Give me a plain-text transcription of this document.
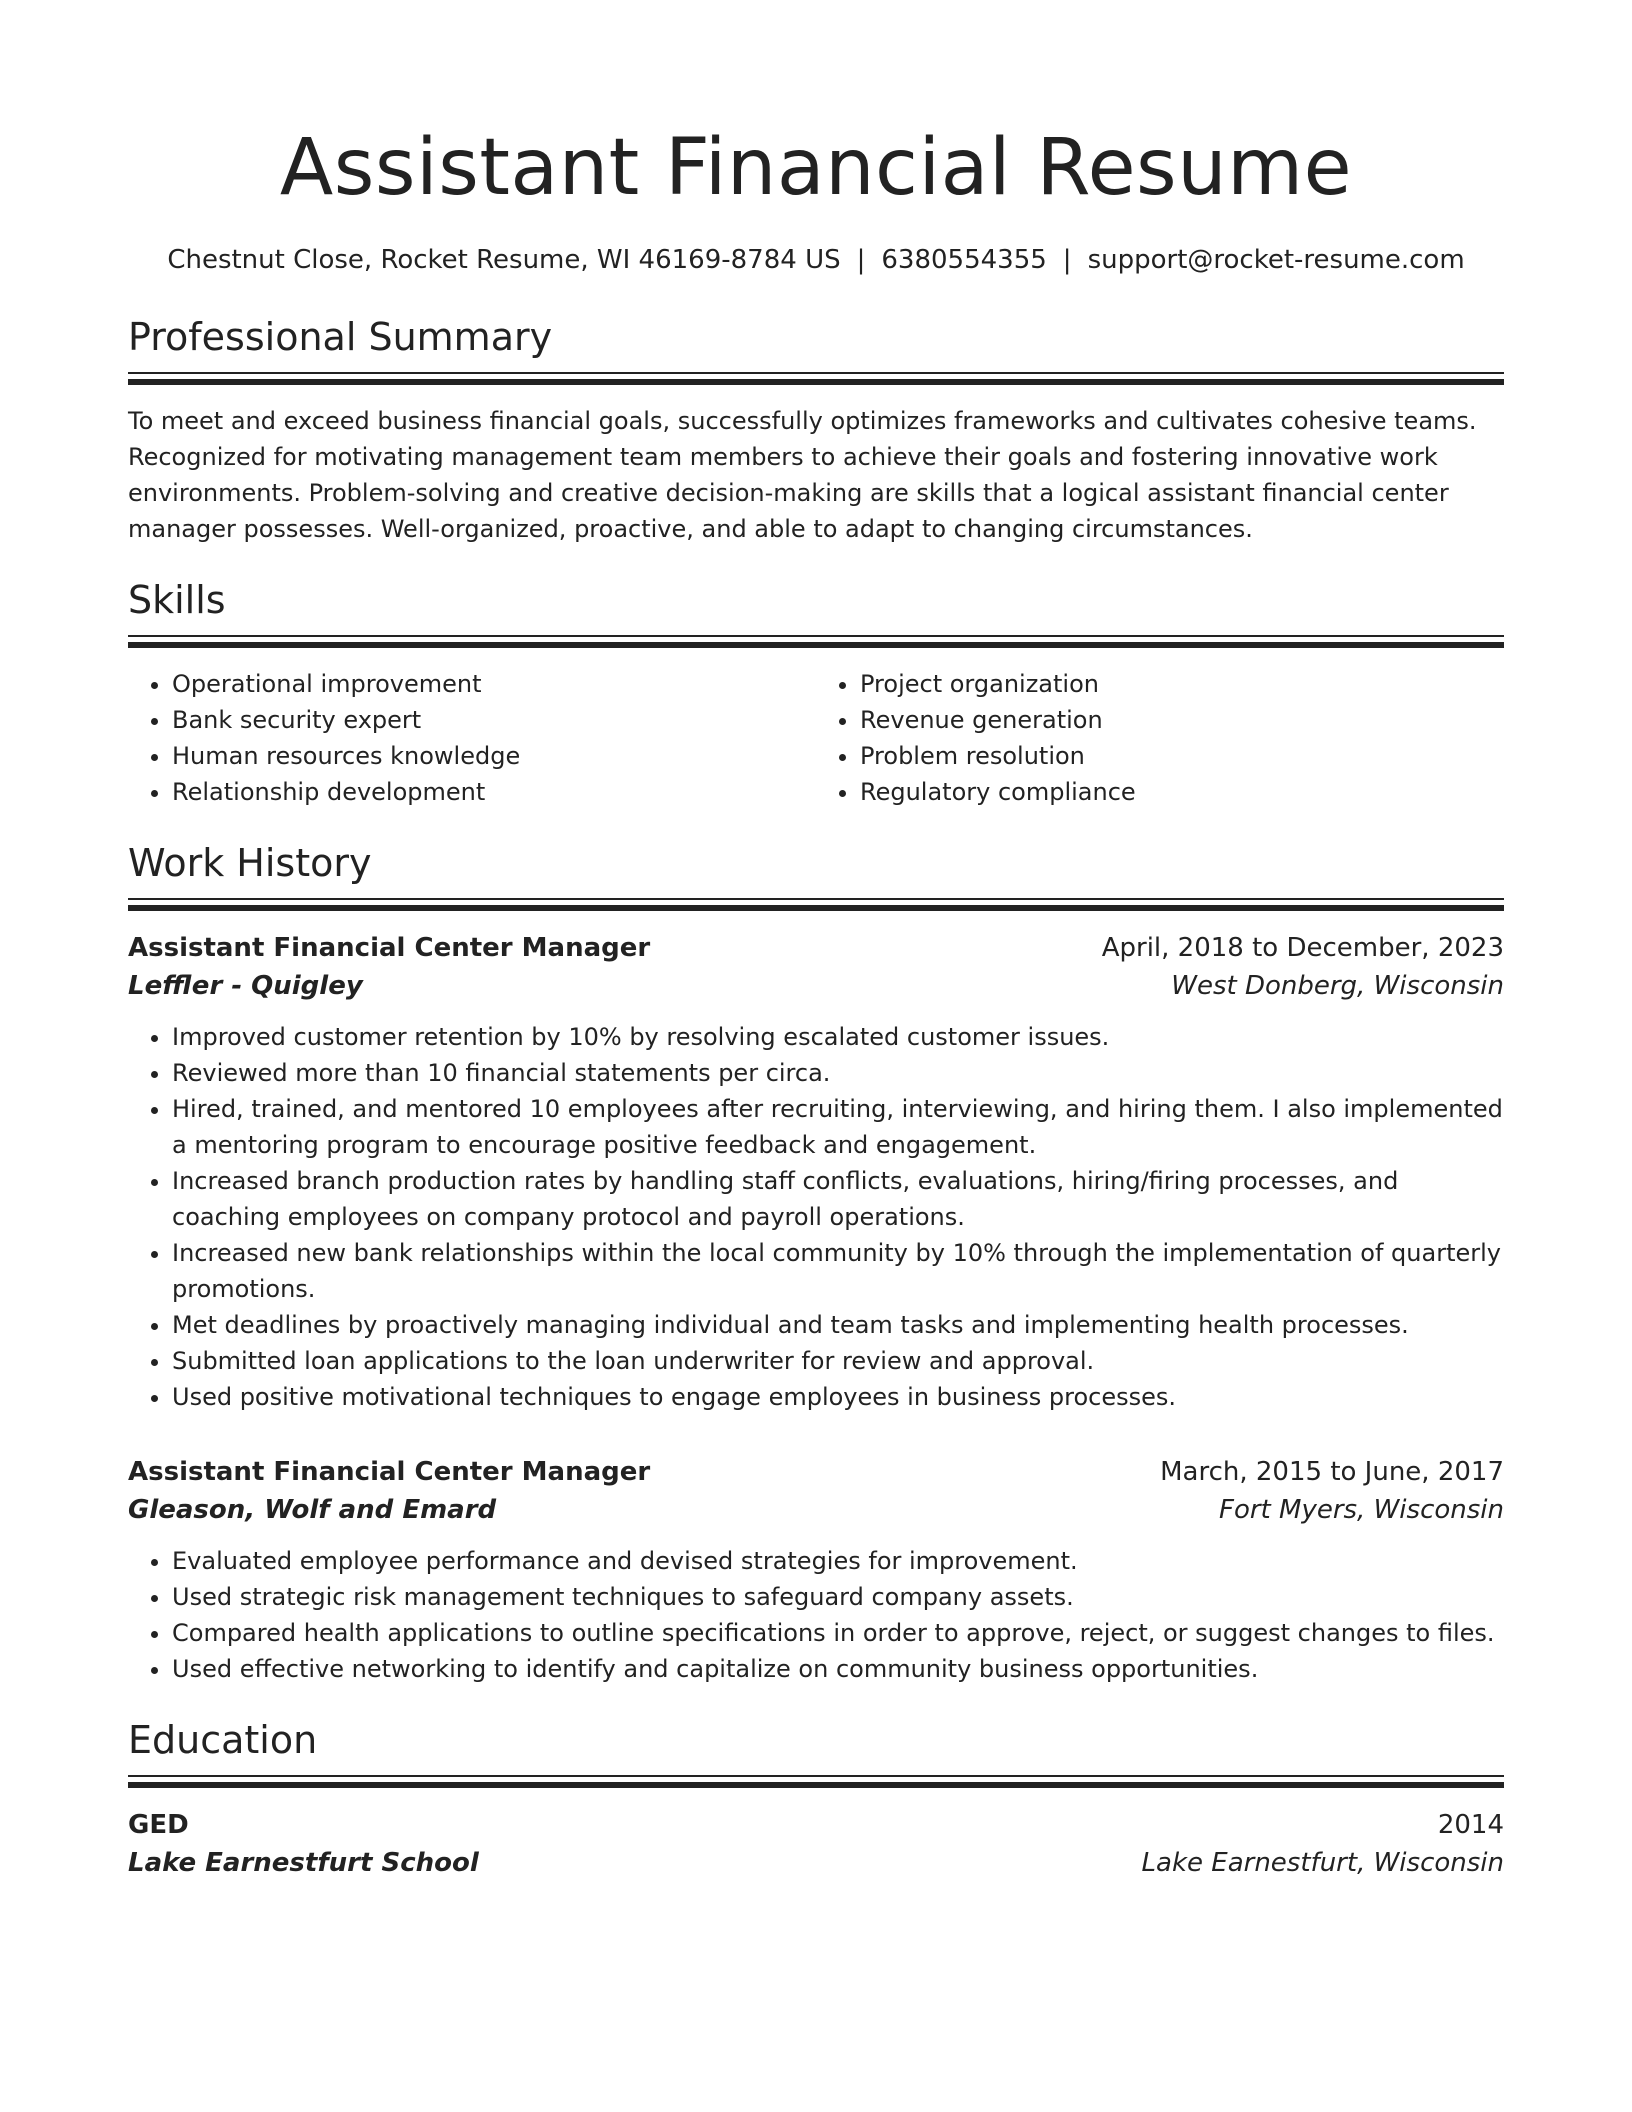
Assistant Financial Resume
Chestnut Close, Rocket Resume, WI 46169-8784 US | 6380554355 | support@rocket-resume.com
Professional Summary

To meet and exceed business financial goals, successfully optimizes frameworks and cultivates cohesive teams. Recognized for motivating management team members to achieve their goals and fostering innovative work environments. Problem-solving and creative decision-making are skills that a logical assistant financial center manager possesses. Well-organized, proactive, and able to adapt to changing circumstances.

Skills
• Operational improvement
• Bank security expert
• Human resources knowledge
• Relationship development
• Project organization
• Revenue generation
• Problem resolution
• Regulatory compliance
Work History
Assistant Financial Center Manager	April, 2018 to December, 2023
Leffler - Quigley	West Donberg, Wisconsin
• Improved customer retention by 10% by resolving escalated customer issues.
• Reviewed more than 10 financial statements per circa.
• Hired, trained, and mentored 10 employees after recruiting, interviewing, and hiring them. I also implemented a mentoring program to encourage positive feedback and engagement.
• Increased branch production rates by handling staff conflicts, evaluations, hiring/firing processes, and coaching employees on company protocol and payroll operations.
• Increased new bank relationships within the local community by 10% through the implementation of quarterly promotions.
• Met deadlines by proactively managing individual and team tasks and implementing health processes.
• Submitted loan applications to the loan underwriter for review and approval.
• Used positive motivational techniques to engage employees in business processes.
Assistant Financial Center Manager	March, 2015 to June, 2017
Gleason, Wolf and Emard	Fort Myers, Wisconsin
• Evaluated employee performance and devised strategies for improvement.
• Used strategic risk management techniques to safeguard company assets.
• Compared health applications to outline specifications in order to approve, reject, or suggest changes to files.
• Used effective networking to identify and capitalize on community business opportunities.
Education
GED	2014
Lake Earnestfurt School	Lake Earnestfurt, Wisconsin
